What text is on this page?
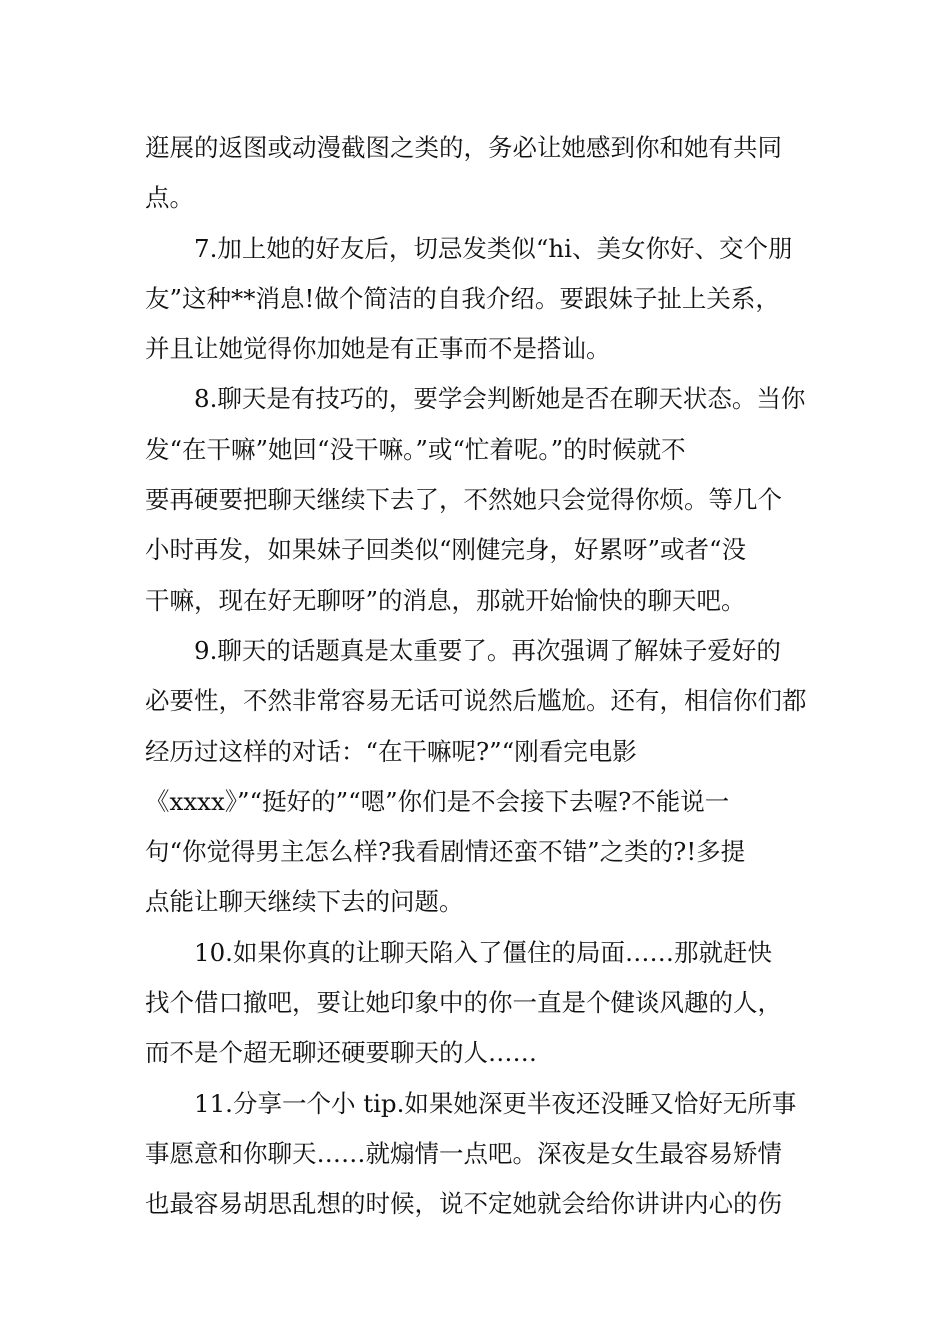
逛展的返图或动漫截图之类的，务必让她感到你和她有共同
点。
7.加上她的好友后，切忌发类似“hi、美女你好、交个朋
友”这种**消息!做个简洁的自我介绍。要跟妹子扯上关系，
并且让她觉得你加她是有正事而不是搭讪。
8.聊天是有技巧的，要学会判断她是否在聊天状态。当你
发“在干嘛”她回“没干嘛。”或“忙着呢。”的时候就不
要再硬要把聊天继续下去了，不然她只会觉得你烦。等几个
小时再发，如果妹子回类似“刚健完身，好累呀”或者“没
干嘛，现在好无聊呀”的消息，那就开始愉快的聊天吧。
9.聊天的话题真是太重要了。再次强调了解妹子爱好的
必要性，不然非常容易无话可说然后尴尬。还有，相信你们都
经历过这样的对话：“在干嘛呢?”“刚看完电影
《xxxx》”“挺好的”“嗯”你们是不会接下去喔?不能说一
句“你觉得男主怎么样?我看剧情还蛮不错”之类的?!多提
点能让聊天继续下去的问题。
10.如果你真的让聊天陷入了僵住的局面……那就赶快
找个借口撤吧，要让她印象中的你一直是个健谈风趣的人，
而不是个超无聊还硬要聊天的人……
11.分享一个小 tip.如果她深更半夜还没睡又恰好无所事
事愿意和你聊天……就煽情一点吧。深夜是女生最容易矫情
也最容易胡思乱想的时候，说不定她就会给你讲讲内心的伤
